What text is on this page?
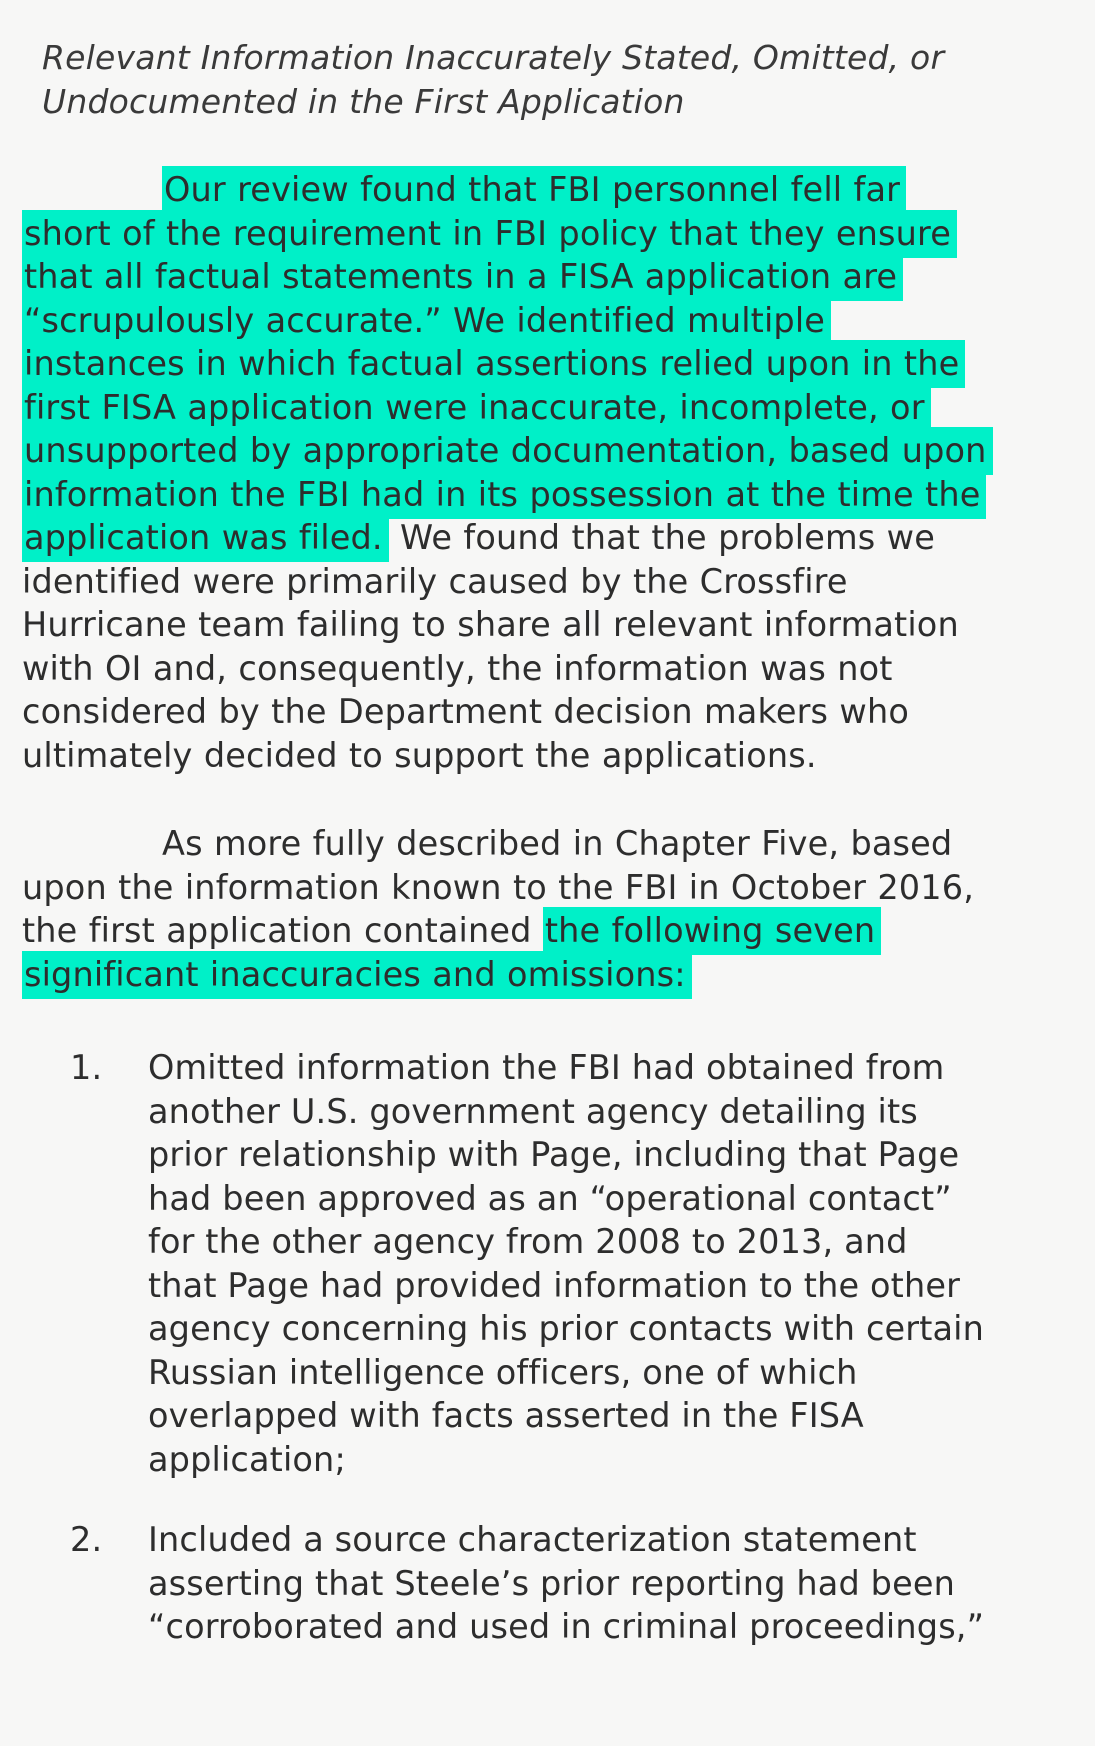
Relevant Information Inaccurately Stated, Omitted, or
Undocumented in the First Application
Our review found that FBI personnel fell far
short of the requirement in FBI policy that they ensure
that all factual statements in a FISA application are
“scrupulously accurate.” We identified multiple
instances in which factual assertions relied upon in the
first FISA application were inaccurate, incomplete, or
unsupported by appropriate documentation, based upon
information the FBI had in its possession at the time the
application was filed. We found that the problems we
identified were primarily caused by the Crossfire
Hurricane team failing to share all relevant information
with OI and, consequently, the information was not
considered by the Department decision makers who
ultimately decided to support the applications.
As more fully described in Chapter Five, based
upon the information known to the FBI in October 2016,
the first application contained the following seven
significant inaccuracies and omissions:
1.	Omitted information the FBI had obtained from
another U.S. government agency detailing its
prior relationship with Page, including that Page
had been approved as an “operational contact”
for the other agency from 2008 to 2013, and
that Page had provided information to the other
agency concerning his prior contacts with certain
Russian intelligence officers, one of which
overlapped with facts asserted in the FISA
application;
2.	Included a source characterization statement
asserting that Steele’s prior reporting had been
“corroborated and used in criminal proceedings,”
